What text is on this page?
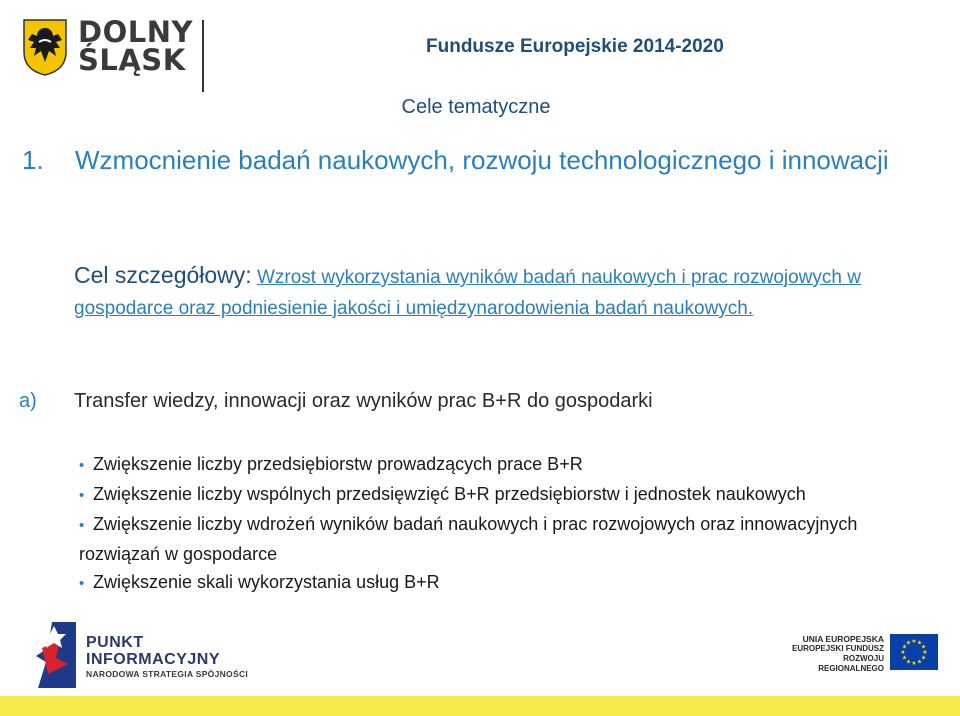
DOLNY
ŚLĄSK	Fundusze Europejskie 2014-2020
Cele tematyczne
1. Wzmocnienie badań naukowych, rozwoju technologicznego i innowacji
Cel szczegółowy: Wzrost wykorzystania wyników badań naukowych i prac rozwojowych w gospodarce oraz podniesienie jakości i umiędzynarodowienia badań naukowych.
a) Transfer wiedzy, innowacji oraz wyników prac B+R do gospodarki
• Zwiększenie liczby przedsiębiorstw prowadzących prace B+R
• Zwiększenie liczby wspólnych przedsięwzięć B+R przedsiębiorstw i jednostek naukowych
• Zwiększenie liczby wdrożeń wyników badań naukowych i prac rozwojowych oraz innowacyjnych rozwiązań w gospodarce
• Zwiększenie skali wykorzystania usług B+R
PUNKT
INFORMACYJNY
NARODOWA STRATEGIA SPÓJNOŚCI
UNIA EUROPEJSKA
EUROPEJSKI FUNDUSZ
ROZWOJU REGIONALNEGO
★ ★
★
★
★
★
★
★
★
★
★
★
